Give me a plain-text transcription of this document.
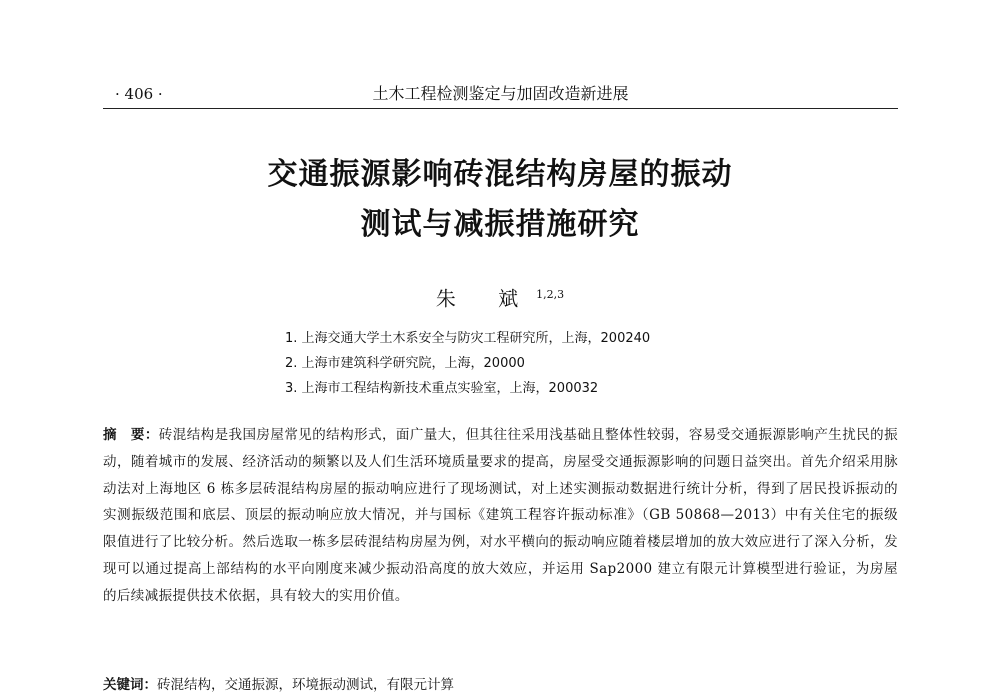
· 406 ·	土木工程检测鉴定与加固改造新进展
交通振源影响砖混结构房屋的振动
测试与减振措施研究
朱 斌$^{1,2,3}$
1. 上海交通大学土木系安全与防灾工程研究所，上海，200240
2. 上海市建筑科学研究院，上海，20000
3. 上海市工程结构新技术重点实验室，上海，200032
摘　要：砖混结构是我国房屋常见的结构形式，面广量大，但其往往采用浅基础且整体性较弱，容易受交通振源影响产生扰民的振动，随着城市的发展、经济活动的频繁以及人们生活环境质量要求的提高，房屋受交通振源影响的问题日益突出。首先介绍采用脉动法对上海地区 6 栋多层砖混结构房屋的振动响应进行了现场测试，对上述实测振动数据进行统计分析，得到了居民投诉振动的实测振级范围和底层、顶层的振动响应放大情况，并与国标《建筑工程容许振动标准》（GB 50868—2013）中有关住宅的振级限值进行了比较分析。然后选取一栋多层砖混结构房屋为例，对水平横向的振动响应随着楼层增加的放大效应进行了深入分析，发现可以通过提高上部结构的水平向刚度来减少振动沿高度的放大效应，并运用 Sap2000 建立有限元计算模型进行验证，为房屋的后续减振提供技术依据，具有较大的实用价值。
关键词：砖混结构，交通振源，环境振动测试，有限元计算
